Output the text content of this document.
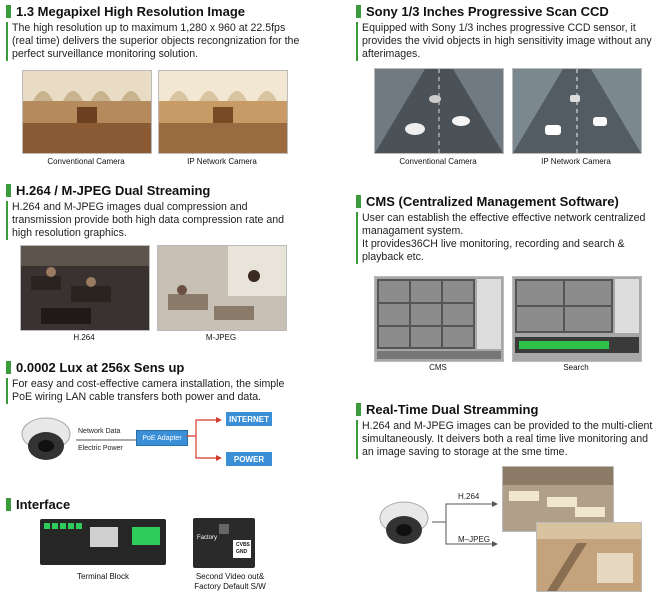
1.3 Megapixel High Resolution Image
The high resolution up to maximum 1,280 x 960 at 22.5fps (real time) delivers the superior objects recongnization for the perfect surveillance monitoring solution.
Conventional Camera	IP Network Camera
Sony 1/3 Inches Progressive Scan CCD
Equipped with Sony 1/3 inches progressive CCD sensor, it provides the vivid objects in high sensitivity image without any afterimages.
Conventional Camera	IP Network Camera
H.264 / M-JPEG Dual Streaming
H.264 and M-JPEG images dual compression and transmission provide both high data compression rate and high resolution graphics.
H.264	M-JPEG
CMS (Centralized Management Software)
User can establish the effective effective network centralized managament system.
It provides36CH live monitoring, recording and search & playback etc.
CMS	Search
0.0002 Lux at 256x Sens up
For easy and cost-effective camera installation, the simple PoE wiring LAN cable transfers both power and data.
Network Data
Electric Power
PoE Adapter
INTERNET
POWER
Real-Time Dual Streamming
H.264 and M-JPEG images can be provided to the multi-client simultaneously. It deivers both a real time live monitoring and an image saving to storage at the sme time.
H.264
M–JPEG
Interface
Factory
CVBS
GND
Terminal Block	Second Video out&
Factory Default S/W
